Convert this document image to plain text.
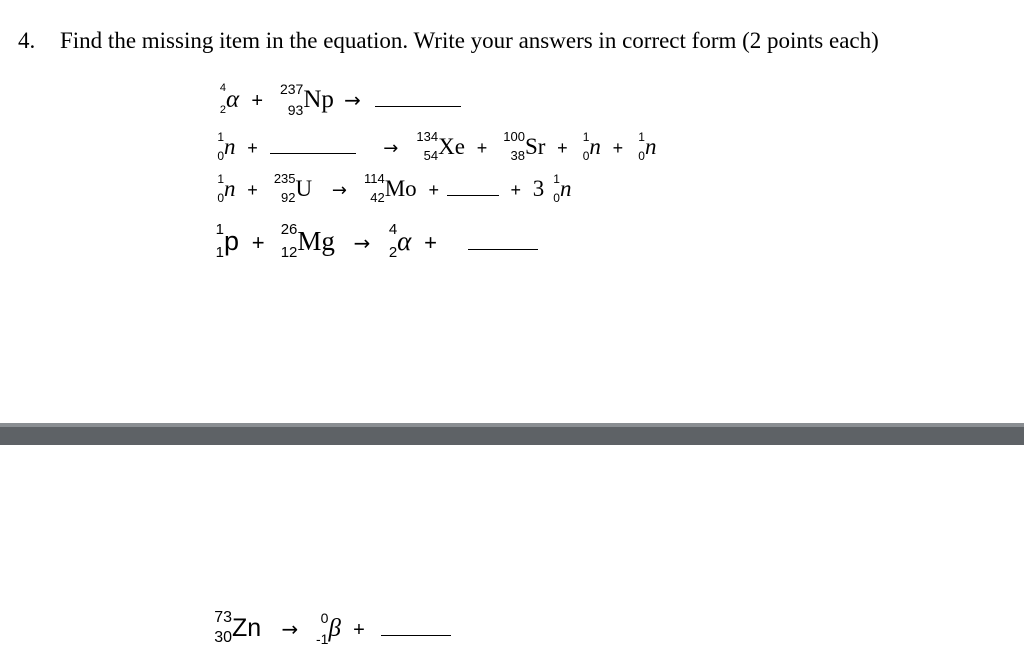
4. Find the missing item in the equation. Write your answers in correct form (2 points each)
4
2 α +
237
93 Np →
1
0 n +	→
134
54 Xe +
100
38 Sr +
1
0 n +
1
0 n
1
0 n +
235
92 U →
114
42 Mo +	+ 3 1
0 n
1
1 p +
26
12 Mg →
4
2 α +
73
30 Zn → 0
-1 β +
